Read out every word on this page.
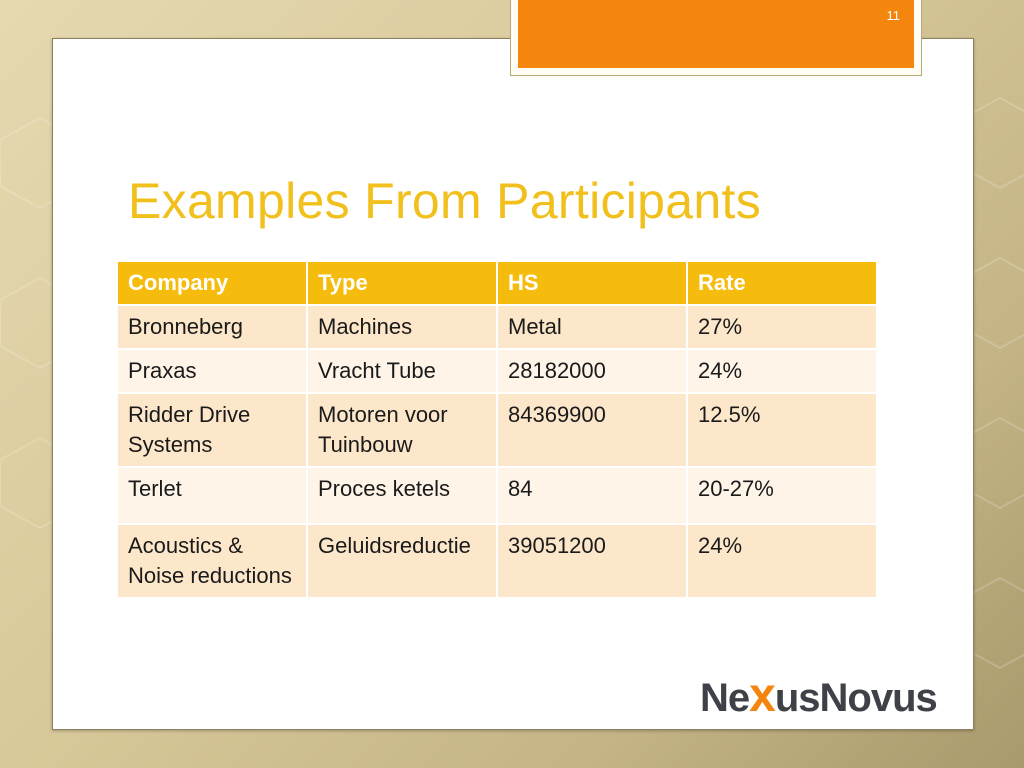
11
Examples From Participants
Company	Type	HS	Rate
Bronneberg	Machines	Metal	27%
Praxas	Vracht Tube	28182000	24%
Ridder Drive Systems	Motoren voor Tuinbouw	84369900	12.5%
Terlet	Proces ketels	84	20-27%
Acoustics & Noise reductions	Geluidsreductie	39051200	24%
NexusNovus
